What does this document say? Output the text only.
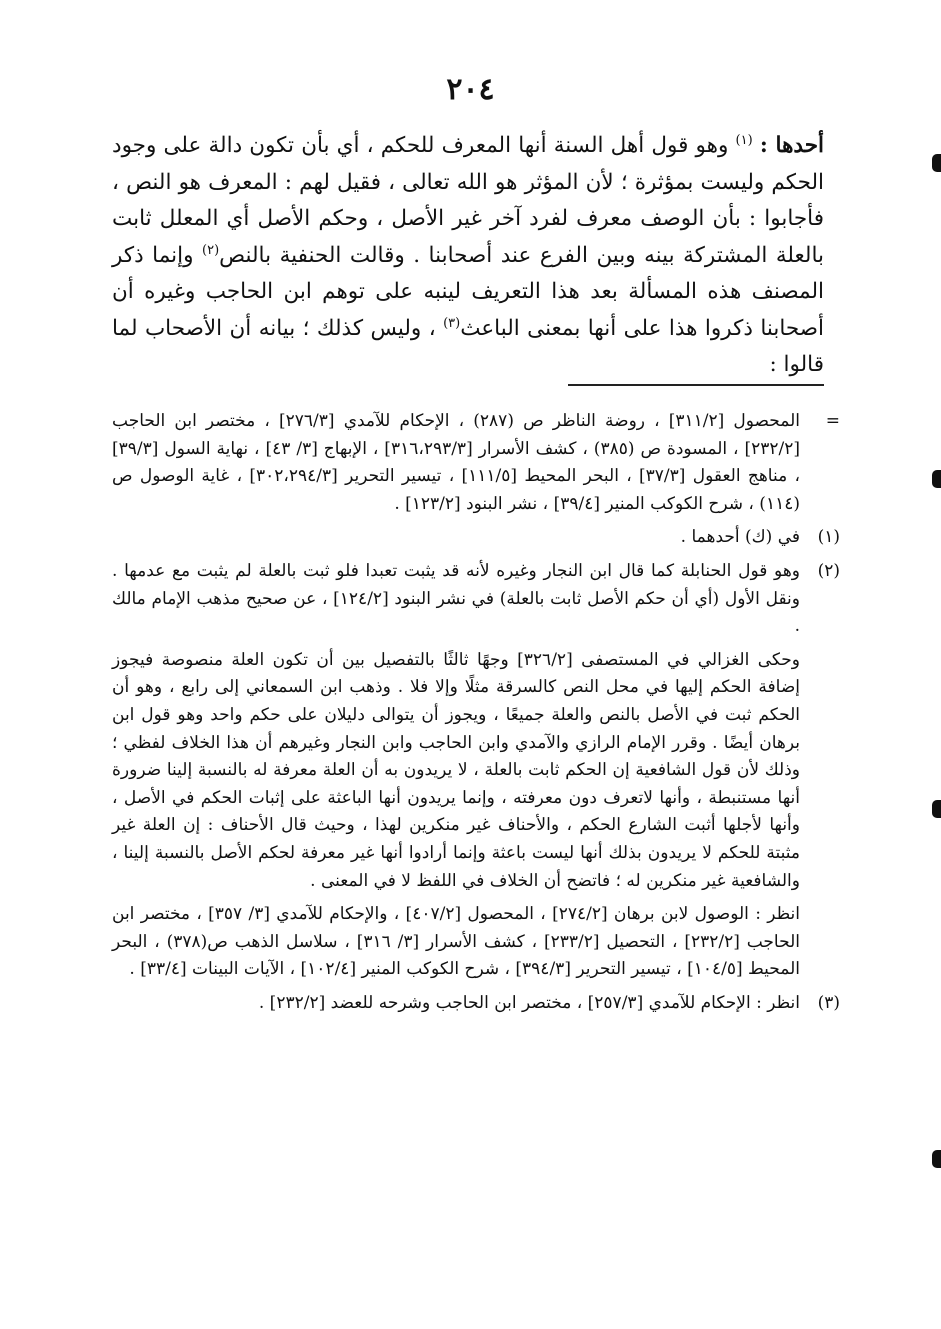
٢٠٤

أحدها : $^{(١)}$ وهو قول أهل السنة أنها المعرف للحكم ، أي بأن تكون دالة على وجود الحكم وليست بمؤثرة ؛ لأن المؤثر هو الله تعالى ، فقيل لهم : المعرف هو النص ، فأجابوا : بأن الوصف معرف لفرد آخر غير الأصل ، وحكم الأصل أي المعلل ثابت بالعلة المشتركة بينه وبين الفرع عند أصحابنا . وقالت الحنفية بالنص$^{(٢)}$ وإنما ذكر المصنف هذه المسألة بعد هذا التعريف لينبه على توهم ابن الحاجب وغيره أن أصحابنا ذكروا هذا على أنها بمعنى الباعث$^{(٣)}$ ، وليس كذلك ؛ بيانه أن الأصحاب لما قالوا :

=
المحصول [٣١١/٢] ، روضة الناظر ص (٢٨٧) ، الإحكام للآمدي [٢٧٦/٣] ، مختصر ابن الحاجب [٢٣٢/٢] ، المسودة ص (٣٨٥) ، كشف الأسرار [٣١٦،٢٩٣/٣] ، الإبهاج [٣/ ٤٣] ، نهاية السول [٣٩/٣] ، مناهج العقول [٣٧/٣] ، البحر المحيط [١١١/٥] ، تيسير التحرير [٣٠٢،٢٩٤/٣] ، غاية الوصول ص (١١٤) ، شرح الكوكب المنير [٣٩/٤] ، نشر البنود [١٢٣/٢] .

(١)
في (ك) أحدهما .

(٢)
وهو قول الحنابلة كما قال ابن النجار وغيره لأنه قد يثبت تعبدا فلو ثبت بالعلة لم يثبت مع عدمها . ونقل الأول (أي أن حكم الأصل ثابت بالعلة) في نشر البنود [١٢٤/٢] ، عن صحيح مذهب الإمام مالك .

وحكى الغزالي في المستصفى [٣٢٦/٢] وجهًا ثالثًا بالتفصيل بين أن تكون العلة منصوصة فيجوز إضافة الحكم إليها في محل النص كالسرقة مثلًا وإلا فلا . وذهب ابن السمعاني إلى رابع ، وهو أن الحكم ثبت في الأصل بالنص والعلة جميعًا ، ويجوز أن يتوالى دليلان على حكم واحد وهو قول ابن برهان أيضًا . وقرر الإمام الرازي والآمدي وابن الحاجب وابن النجار وغيرهم أن هذا الخلاف لفظي ؛ وذلك لأن قول الشافعية إن الحكم ثابت بالعلة ، لا يريدون به أن العلة معرفة له بالنسبة إلينا ضرورة أنها مستنبطة ، وأنها لاتعرف دون معرفته ، وإنما يريدون أنها الباعثة على إثبات الحكم في الأصل ، وأنها لأجلها أثبت الشارع الحكم ، والأحناف غير منكرين لهذا ، وحيث قال الأحناف : إن العلة غير مثبتة للحكم لا يريدون بذلك أنها ليست باعثة وإنما أرادوا أنها غير معرفة لحكم الأصل بالنسبة إلينا ، والشافعية غير منكرين له ؛ فاتضح أن الخلاف في اللفظ لا في المعنى .

انظر : الوصول لابن برهان [٢٧٤/٢] ، المحصول [٤٠٧/٢] ، والإحكام للآمدي [٣/ ٣٥٧] ، مختصر ابن الحاجب [٢٣٢/٢] ، التحصيل [٢٣٣/٢] ، كشف الأسرار [٣/ ٣١٦] ، سلاسل الذهب ص(٣٧٨) ، البحر المحيط [١٠٤/٥] ، تيسير التحرير [٣٩٤/٣] ، شرح الكوكب المنير [١٠٢/٤] ، الآيات البينات [٣٣/٤] .

(٣)
انظر : الإحكام للآمدي [٢٥٧/٣] ، مختصر ابن الحاجب وشرحه للعضد [٢٣٢/٢] .
